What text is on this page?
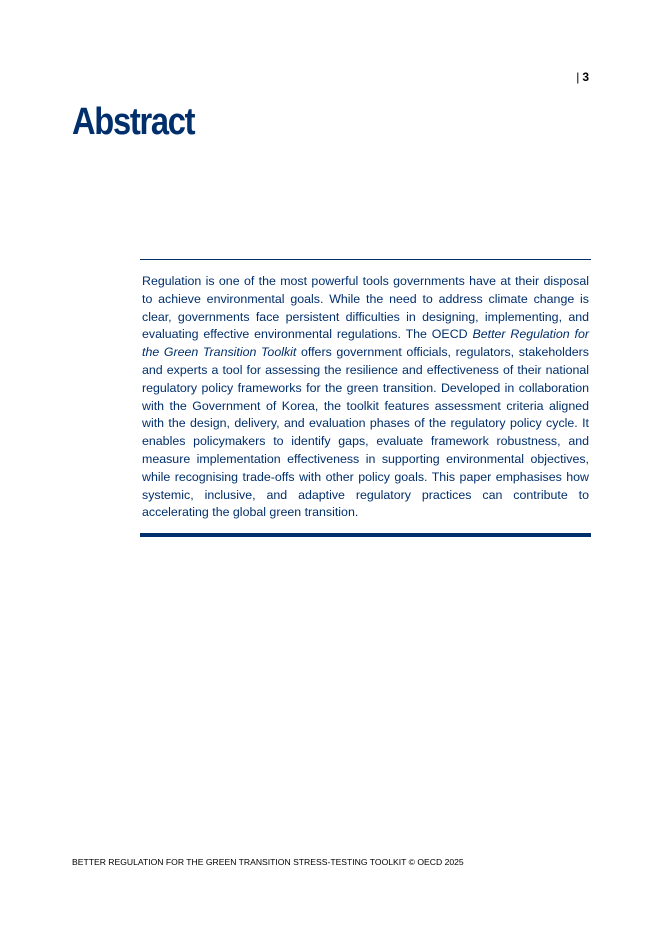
| 3
Abstract

Regulation is one of the most powerful tools governments have at their disposal to achieve environmental goals. While the need to address climate change is clear, governments face persistent difficulties in designing, implementing, and evaluating effective environmental regulations. The OECD Better Regulation for the Green Transition Toolkit offers government officials, regulators, stakeholders and experts a tool for assessing the resilience and effectiveness of their national regulatory policy frameworks for the green transition. Developed in collaboration with the Government of Korea, the toolkit features assessment criteria aligned with the design, delivery, and evaluation phases of the regulatory policy cycle. It enables policymakers to identify gaps, evaluate framework robustness, and measure implementation effectiveness in supporting environmental objectives, while recognising trade-offs with other policy goals. This paper emphasises how systemic, inclusive, and adaptive regulatory practices can contribute to accelerating the global green transition.

BETTER REGULATION FOR THE GREEN TRANSITION STRESS-TESTING TOOLKIT © OECD 2025
